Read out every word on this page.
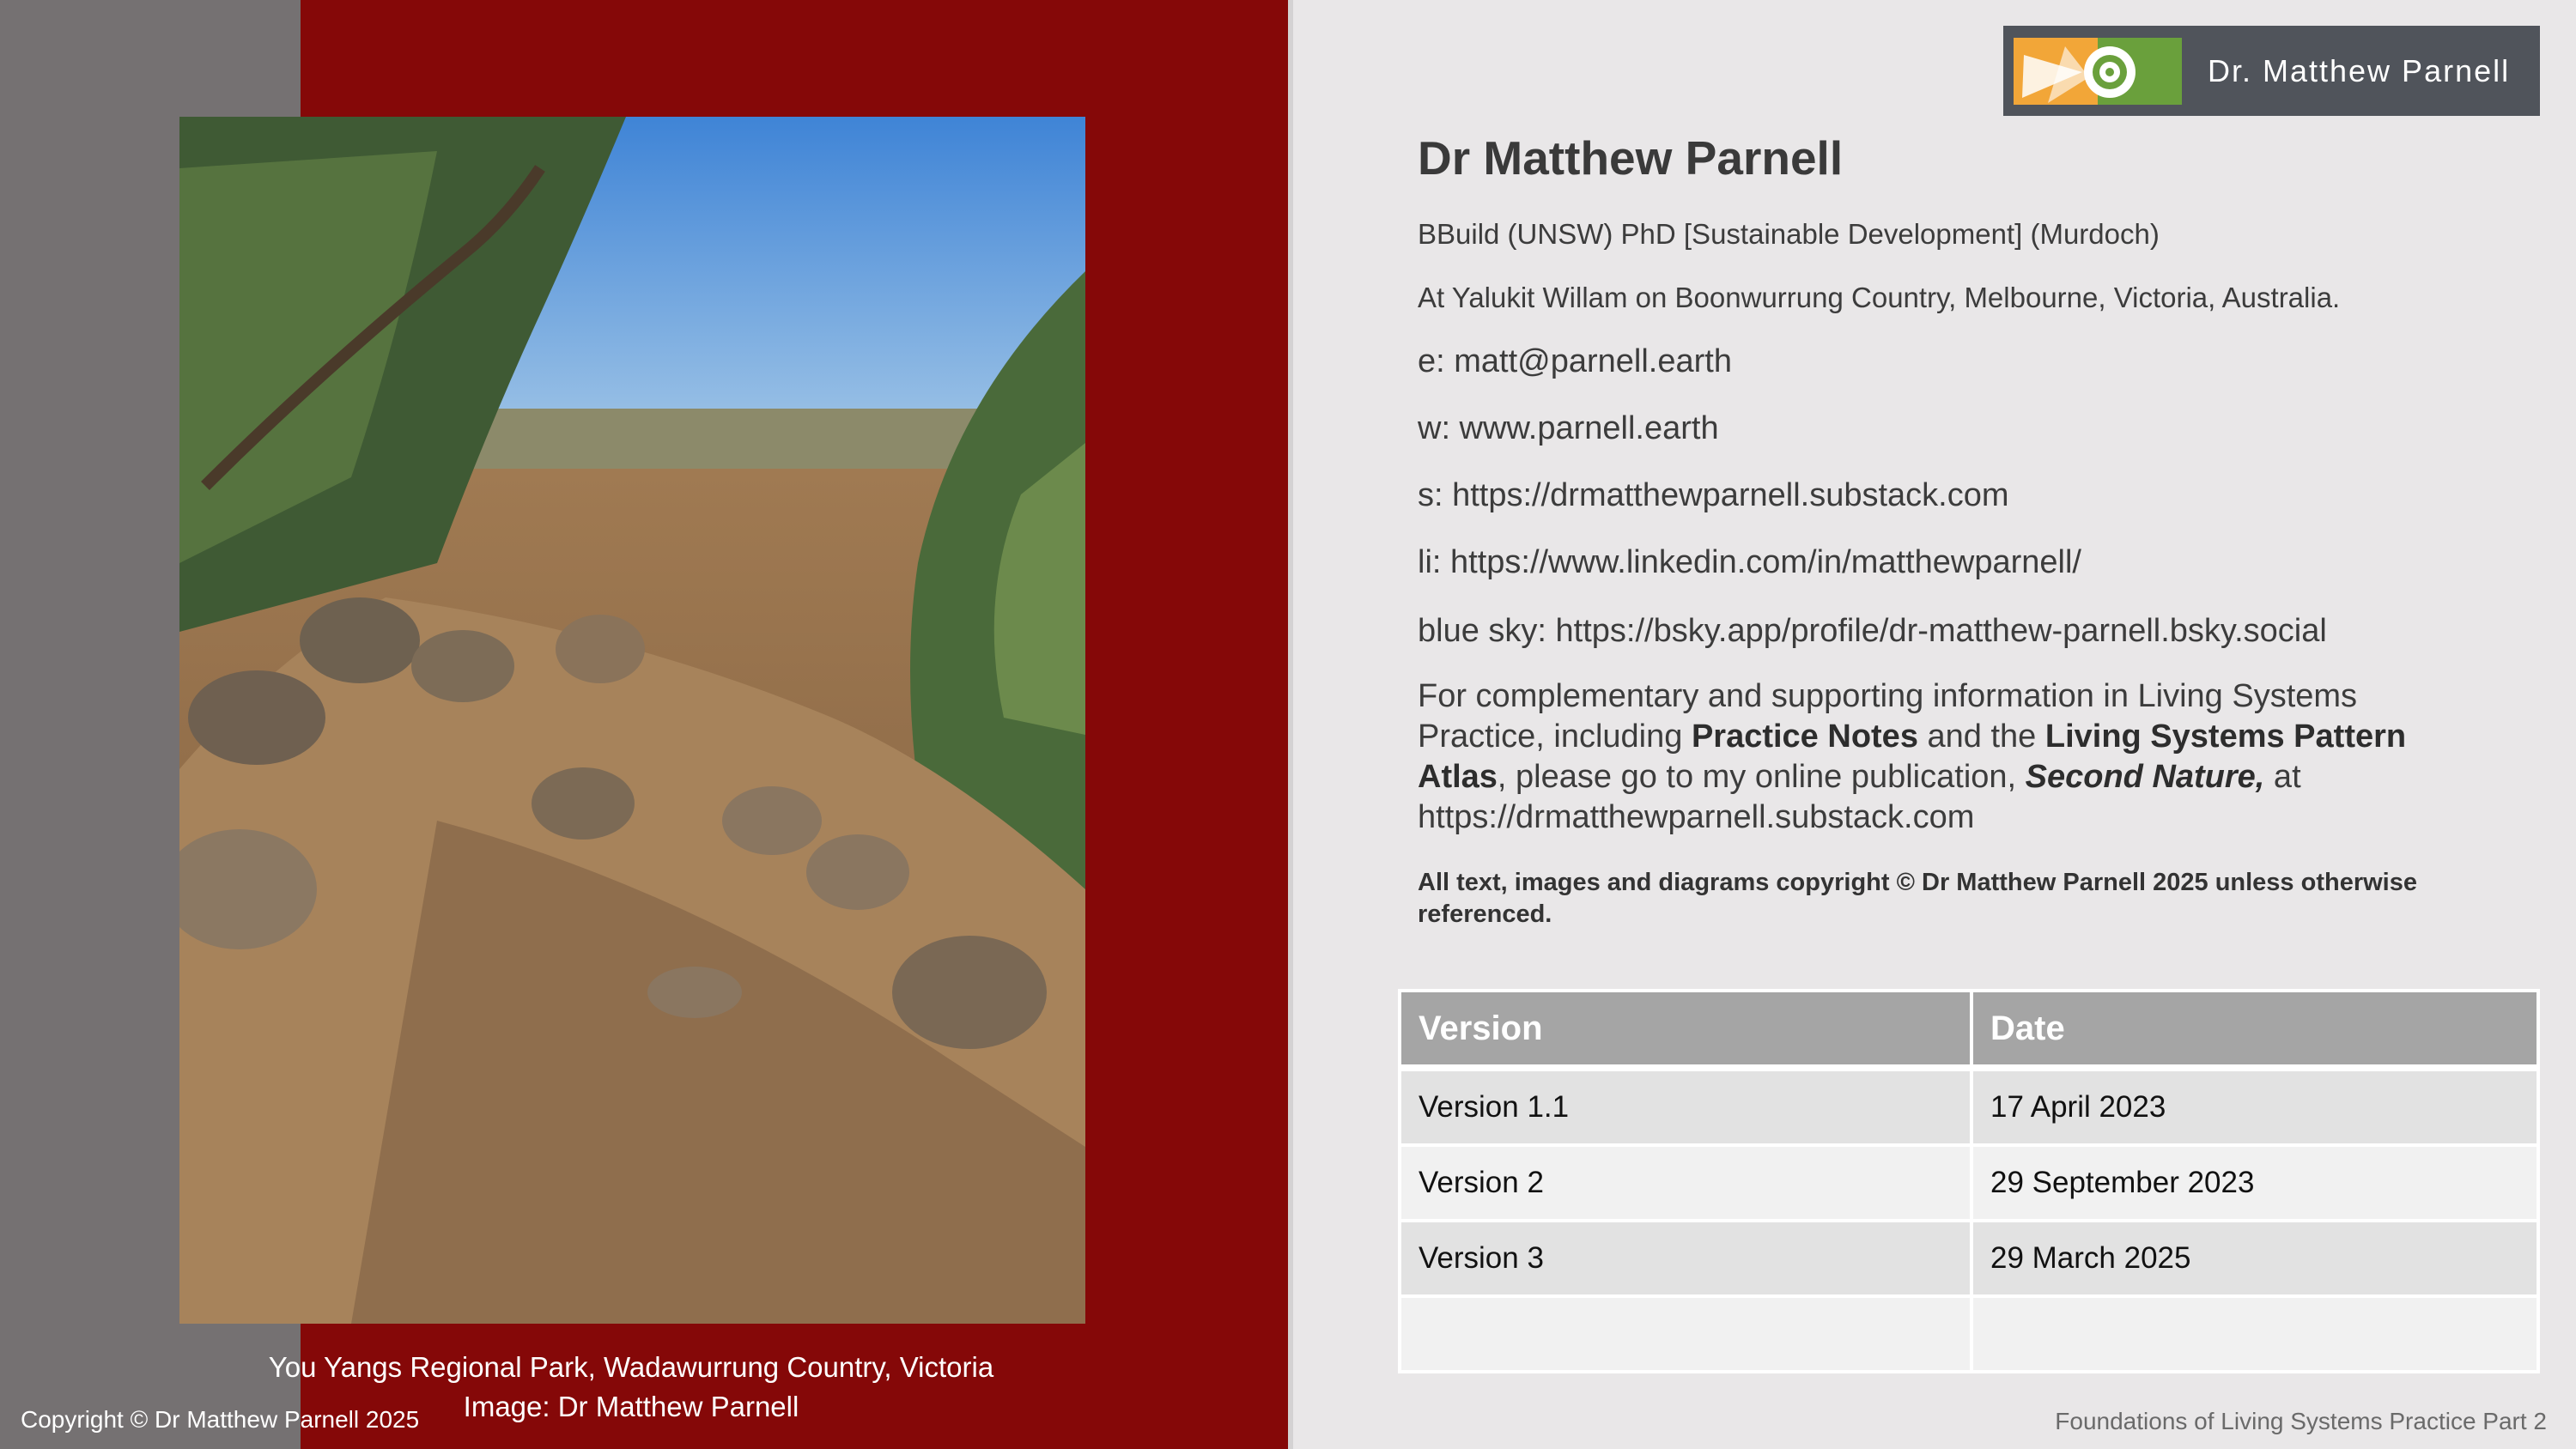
You Yangs Regional Park, Wadawurrung Country, Victoria
Image: Dr Matthew Parnell
Copyright © Dr Matthew Parnell 2025
Dr. Matthew Parnell
Dr Matthew Parnell
BBuild (UNSW) PhD [Sustainable Development] (Murdoch)
At Yalukit Willam on Boonwurrung Country, Melbourne, Victoria, Australia.
e: matt@parnell.earth
w: www.parnell.earth
s: https://drmatthewparnell.substack.com
li: https://www.linkedin.com/in/matthewparnell/
blue sky: https://bsky.app/profile/dr-matthew-parnell.bsky.social
For complementary and supporting information in Living Systems Practice, including Practice Notes and the Living Systems Pattern Atlas, please go to my online publication, Second Nature, at https://drmatthewparnell.substack.com
All text, images and diagrams copyright © Dr Matthew Parnell 2025 unless otherwise referenced.
Version	Date
Version 1.1	17 April 2023
Version 2	29 September 2023
Version 3	29 March 2025

Foundations of Living Systems Practice Part 2
